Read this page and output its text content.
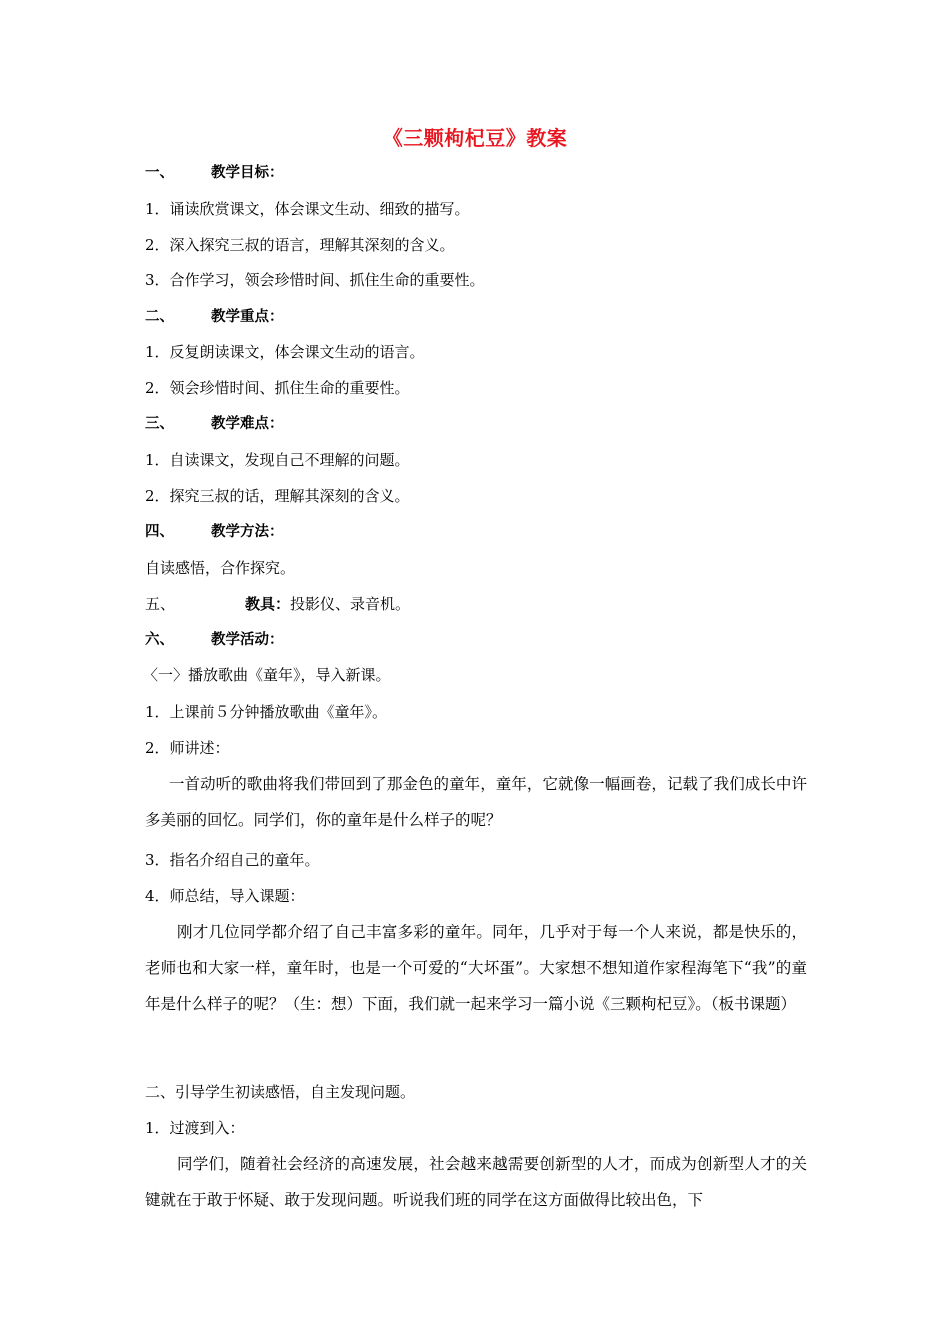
《三颗枸杞豆》教案
一、	教学目标：
1．诵读欣赏课文，体会课文生动、细致的描写。
2．深入探究三叔的语言，理解其深刻的含义。
3．合作学习，领会珍惜时间、抓住生命的重要性。
二、	教学重点：
1．反复朗读课文，体会课文生动的语言。
2．领会珍惜时间、抓住生命的重要性。
三、	教学难点：
1．自读课文，发现自己不理解的问题。
2．探究三叔的话，理解其深刻的含义。
四、	教学方法：
自读感悟，合作探究。
五、	教具：投影仪、录音机。
六、	教学活动：
〈一〉播放歌曲《童年》，导入新课。
1．上课前５分钟播放歌曲《童年》。
2．师讲述：
一首动听的歌曲将我们带回到了那金色的童年，童年，它就像一幅画卷，记载了我们成长中许多美丽的回忆。同学们，你的童年是什么样子的呢？
3．指名介绍自己的童年。
4．师总结，导入课题：
刚才几位同学都介绍了自己丰富多彩的童年。同年，几乎对于每一个人来说，都是快乐的，老师也和大家一样，童年时，也是一个可爱的“大坏蛋”。大家想不想知道作家程海笔下“我”的童年是什么样子的呢？（生：想）下面，我们就一起来学习一篇小说《三颗枸杞豆》。（板书课题）
二、引导学生初读感悟，自主发现问题。
1．过渡到入：
同学们，随着社会经济的高速发展，社会越来越需要创新型的人才，而成为创新型人才的关键就在于敢于怀疑、敢于发现问题。听说我们班的同学在这方面做得比较出色，下
